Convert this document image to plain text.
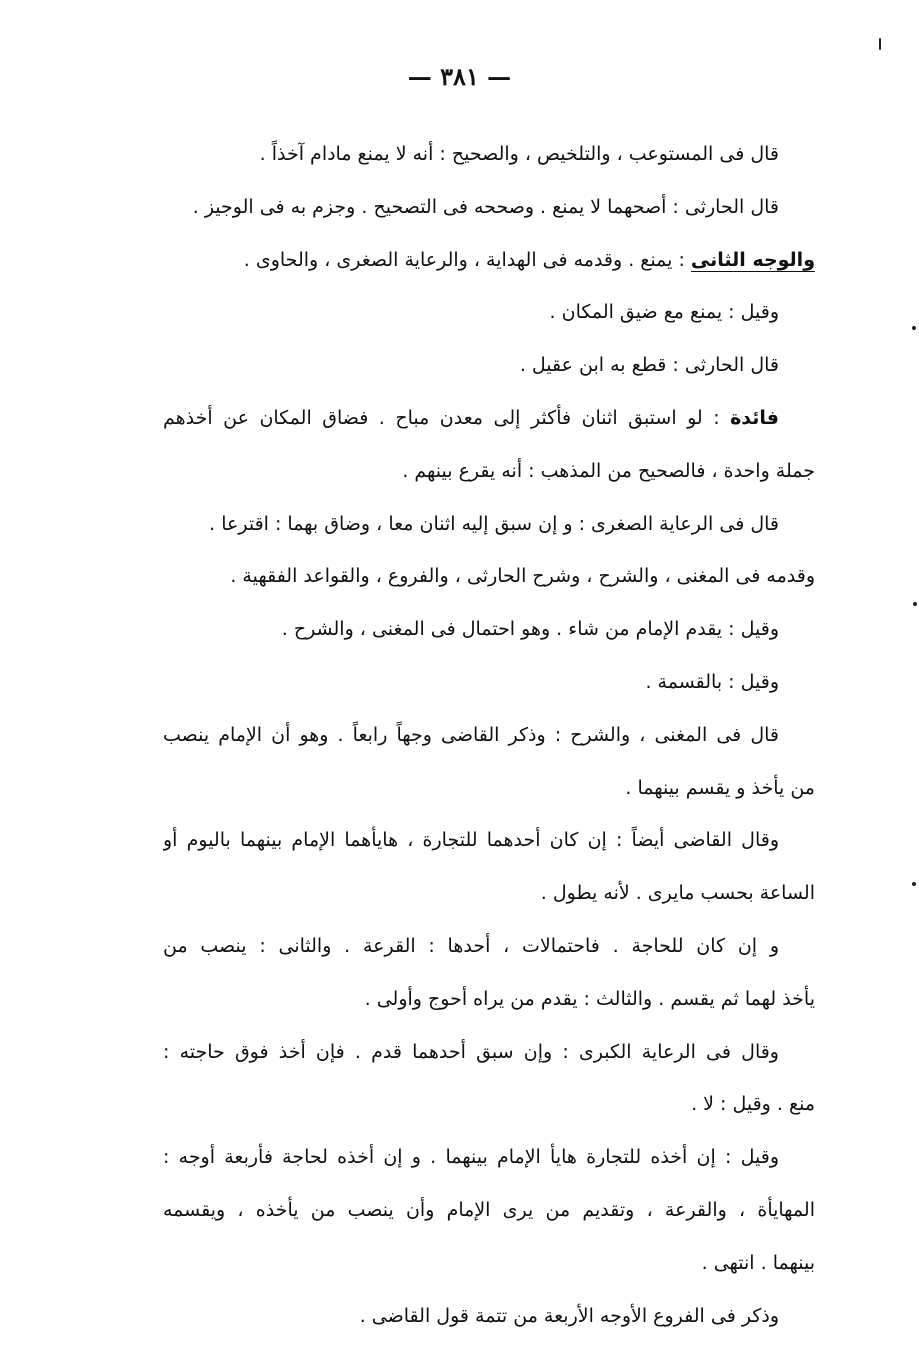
— ٣٨١ —
قال فى المستوعب ، والتلخيص ، والصحيح : أنه لا يمنع مادام آخذاً .
قال الحارثى : أصحهما لا يمنع . وصححه فى التصحيح . وجزم به فى الوجيز .
والوجه الثانى : يمنع . وقدمه فى الهداية ، والرعاية الصغرى ، والحاوى .
وقيل : يمنع مع ضيق المكان .
قال الحارثى : قطع به ابن عقيل .
فائدة : لو استبق اثنان فأكثر إلى معدن مباح . فضاق المكان عن أخذهم
جملة واحدة ، فالصحيح من المذهب : أنه يقرع بينهم .
قال فى الرعاية الصغرى : و إن سبق إليه اثنان معا ، وضاق بهما : اقترعا .
وقدمه فى المغنى ، والشرح ، وشرح الحارثى ، والفروع ، والقواعد الفقهية .
وقيل : يقدم الإمام من شاء . وهو احتمال فى المغنى ، والشرح .
وقيل : بالقسمة .
قال فى المغنى ، والشرح : وذكر القاضى وجهاً رابعاً . وهو أن الإمام ينصب
من يأخذ و يقسم بينهما .
وقال القاضى أيضاً : إن كان أحدهما للتجارة ، هايأهما الإمام بينهما باليوم أو
الساعة بحسب مايرى . لأنه يطول .
و إن كان للحاجة . فاحتمالات ، أحدها : القرعة . والثانى : ينصب من
يأخذ لهما ثم يقسم . والثالث : يقدم من يراه أحوج وأولى .
وقال فى الرعاية الكبرى : وإن سبق أحدهما قدم . فإن أخذ فوق حاجته :
منع . وقيل : لا .
وقيل : إن أخذه للتجارة هايأ الإمام بينهما . و إن أخذه لحاجة فأربعة أوجه :
المهايأة ، والقرعة ، وتقديم من يرى الإمام وأن ينصب من يأخذه ، ويقسمه
بينهما . انتهى .
وذكر فى الفروع الأوجه الأربعة من تتمة قول القاضى .
